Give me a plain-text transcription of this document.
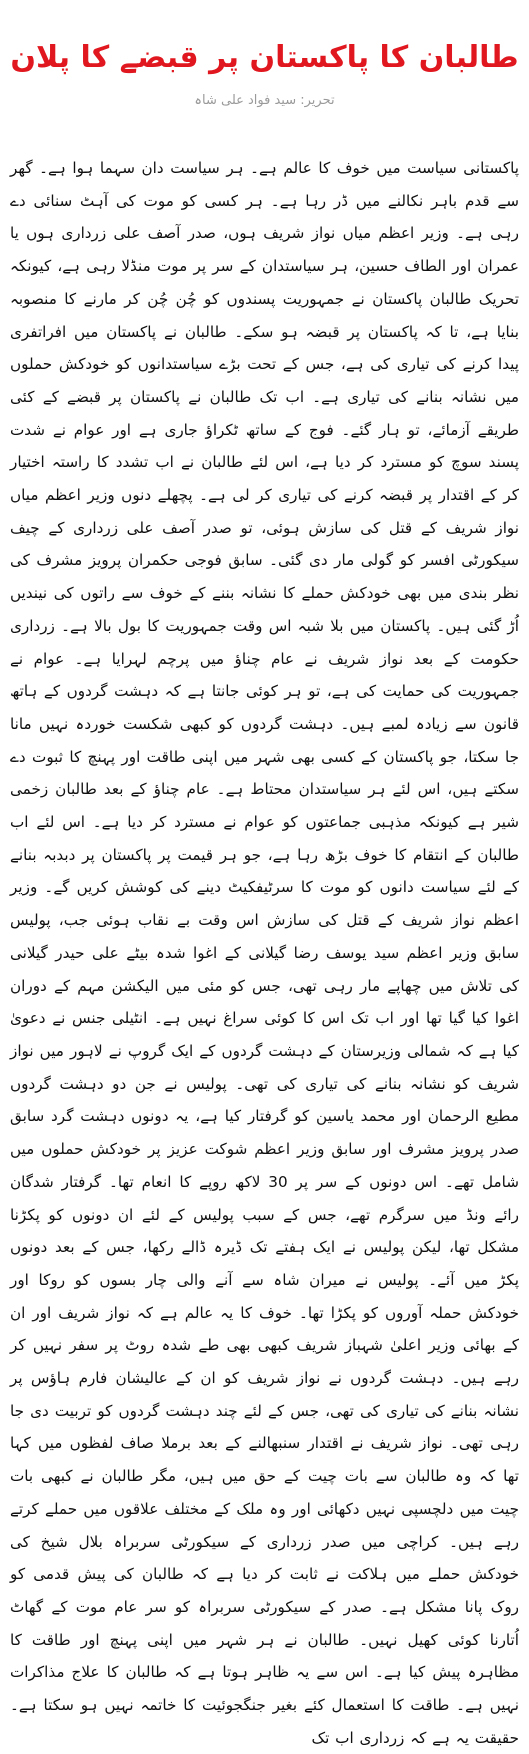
طالبان کا پاکستان پر قبضے کا پلان
تحریر: سید فواد علی شاہ

پاکستانی سیاست میں خوف کا عالم ہے۔ ہر سیاست دان سہما ہوا ہے۔ گھر سے قدم باہر نکالنے میں ڈر رہا ہے۔ ہر کسی کو موت کی آہٹ سنائی دے رہی ہے۔ وزیر اعظم میاں نواز شریف ہوں، صدر آصف علی زرداری ہوں یا عمران اور الطاف حسین، ہر سیاستدان کے سر پر موت منڈلا رہی ہے، کیونکہ تحریک طالبان پاکستان نے جمہوریت پسندوں کو چُن چُن کر مارنے کا منصوبہ بنایا ہے، تا کہ پاکستان پر قبضہ ہو سکے۔ طالبان نے پاکستان میں افراتفری پیدا کرنے کی تیاری کی ہے، جس کے تحت بڑے سیاستدانوں کو خودکش حملوں میں نشانہ بنانے کی تیاری ہے۔ اب تک طالبان نے پاکستان پر قبضے کے کئی طریقے آزمائے، تو ہار گئے۔ فوج کے ساتھ ٹکراؤ جاری ہے اور عوام نے شدت پسند سوچ کو مسترد کر دیا ہے، اس لئے طالبان نے اب تشدد کا راستہ اختیار کر کے اقتدار پر قبضہ کرنے کی تیاری کر لی ہے۔ پچھلے دنوں وزیر اعظم میاں نواز شریف کے قتل کی سازش ہوئی، تو صدر آصف علی زرداری کے چیف سیکورٹی افسر کو گولی مار دی گئی۔ سابق فوجی حکمران پرویز مشرف کی نظر بندی میں بھی خودکش حملے کا نشانہ بننے کے خوف سے راتوں کی نیندیں اُڑ گئی ہیں۔ پاکستان میں بلا شبہ اس وقت جمہوریت کا بول بالا ہے۔ زرداری حکومت کے بعد نواز شریف نے عام چناؤ میں پرچم لہرایا ہے۔ عوام نے جمہوریت کی حمایت کی ہے، تو ہر کوئی جانتا ہے کہ دہشت گردوں کے ہاتھ قانون سے زیادہ لمبے ہیں۔ دہشت گردوں کو کبھی شکست خوردہ نہیں مانا جا سکتا، جو پاکستان کے کسی بھی شہر میں اپنی طاقت اور پہنچ کا ثبوت دے سکتے ہیں، اس لئے ہر سیاستدان محتاط ہے۔ عام چناؤ کے بعد طالبان زخمی شیر ہے کیونکہ مذہبی جماعتوں کو عوام نے مسترد کر دیا ہے۔ اس لئے اب طالبان کے انتقام کا خوف بڑھ رہا ہے، جو ہر قیمت پر پاکستان پر دبدبہ بنانے کے لئے سیاست دانوں کو موت کا سرٹیفکیٹ دینے کی کوشش کریں گے۔ وزیر اعظم نواز شریف کے قتل کی سازش اس وقت بے نقاب ہوئی جب، پولیس سابق وزیر اعظم سید یوسف رضا گیلانی کے اغوا شدہ بیٹے علی حیدر گیلانی کی تلاش میں چھاپے مار رہی تھی، جس کو مئی میں الیکشن مہم کے دوران اغوا کیا گیا تھا اور اب تک اس کا کوئی سراغ نہیں ہے۔ انٹیلی جنس نے دعویٰ کیا ہے کہ شمالی وزیرستان کے دہشت گردوں کے ایک گروپ نے لاہور میں نواز شریف کو نشانہ بنانے کی تیاری کی تھی۔ پولیس نے جن دو دہشت گردوں مطیع الرحمان اور محمد یاسین کو گرفتار کیا ہے، یہ دونوں دہشت گرد سابق صدر پرویز مشرف اور سابق وزیر اعظم شوکت عزیز پر خودکش حملوں میں شامل تھے۔ اس دونوں کے سر پر 30 لاکھ روپے کا انعام تھا۔ گرفتار شدگان رائے ونڈ میں سرگرم تھے، جس کے سبب پولیس کے لئے ان دونوں کو پکڑنا مشکل تھا، لیکن پولیس نے ایک ہفتے تک ڈیرہ ڈالے رکھا، جس کے بعد دونوں پکڑ میں آئے۔ پولیس نے میران شاہ سے آنے والی چار بسوں کو روکا اور خودکش حملہ آوروں کو پکڑا تھا۔ خوف کا یہ عالم ہے کہ نواز شریف اور ان کے بھائی وزیر اعلیٰ شہباز شریف کبھی بھی طے شدہ روٹ پر سفر نہیں کر رہے ہیں۔ دہشت گردوں نے نواز شریف کو ان کے عالیشان فارم ہاؤس پر نشانہ بنانے کی تیاری کی تھی، جس کے لئے چند دہشت گردوں کو تربیت دی جا رہی تھی۔ نواز شریف نے اقتدار سنبھالنے کے بعد برملا صاف لفظوں میں کہا تھا کہ وہ طالبان سے بات چیت کے حق میں ہیں، مگر طالبان نے کبھی بات چیت میں دلچسپی نہیں دکھائی اور وہ ملک کے مختلف علاقوں میں حملے کرتے رہے ہیں۔ کراچی میں صدر زرداری کے سیکورٹی سربراہ بلال شیخ کی خودکش حملے میں ہلاکت نے ثابت کر دیا ہے کہ طالبان کی پیش قدمی کو روک پانا مشکل ہے۔ صدر کے سیکورٹی سربراہ کو سر عام موت کے گھاٹ اُتارنا کوئی کھیل نہیں۔ طالبان نے ہر شہر میں اپنی پہنچ اور طاقت کا مظاہرہ پیش کیا ہے۔ اس سے یہ ظاہر ہوتا ہے کہ طالبان کا علاج مذاکرات نہیں ہے۔ طاقت کا استعمال کئے بغیر جنگجوئیت کا خاتمہ نہیں ہو سکتا ہے۔ حقیقت یہ ہے کہ زرداری اب تک
